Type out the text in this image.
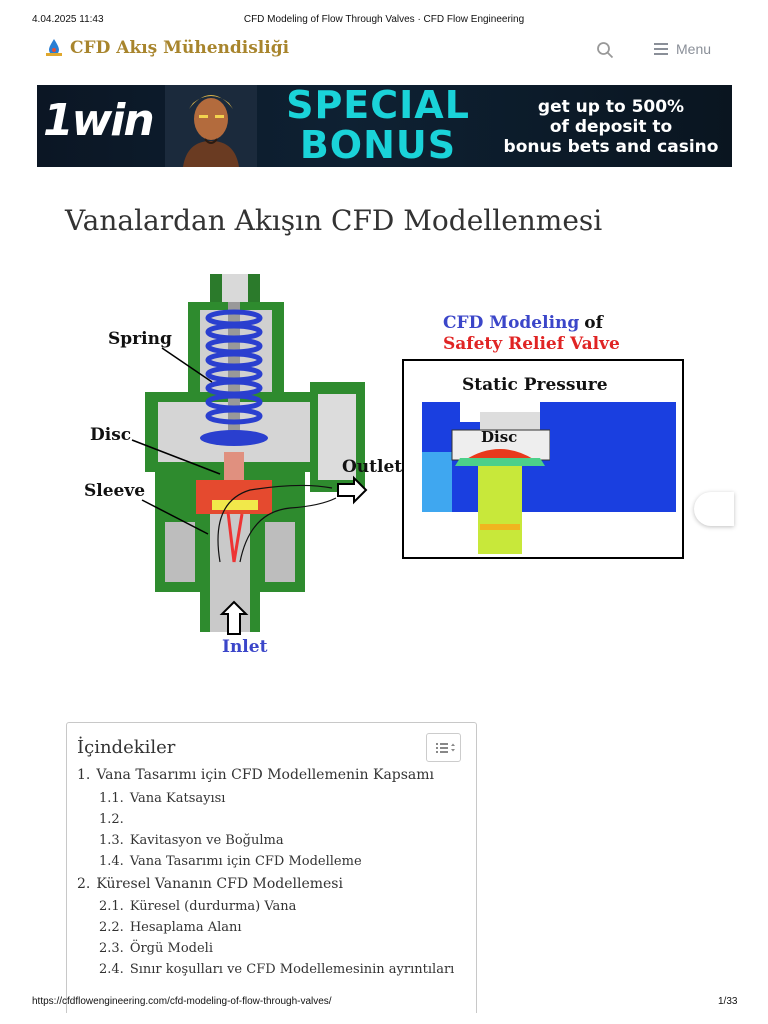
4.04.2025 11:43	CFD Modeling of Flow Through Valves · CFD Flow Engineering
CFD Akış Mühendisliği	Menu
1win	SPECIAL
BONUS
get up to 500%
of deposit to
bonus bets and casino
Vanalardan Akışın CFD Modellenmesi
Spring
Disc
Sleeve
Outlet
Inlet
CFD Modeling of
Safety Relief Valve
Static Pressure
Disc
İçindekiler
1. Vana Tasarımı için CFD Modellemenin Kapsamı
1.1. Vana Katsayısı
1.2.
1.3. Kavitasyon ve Boğulma
1.4. Vana Tasarımı için CFD Modelleme
2. Küresel Vananın CFD Modellemesi
2.1. Küresel (durdurma) Vana
2.2. Hesaplama Alanı
2.3. Örgü Modeli
2.4. Sınır koşulları ve CFD Modellemesinin ayrıntıları
https://cfdflowengineering.com/cfd-modeling-of-flow-through-valves/	1/33
